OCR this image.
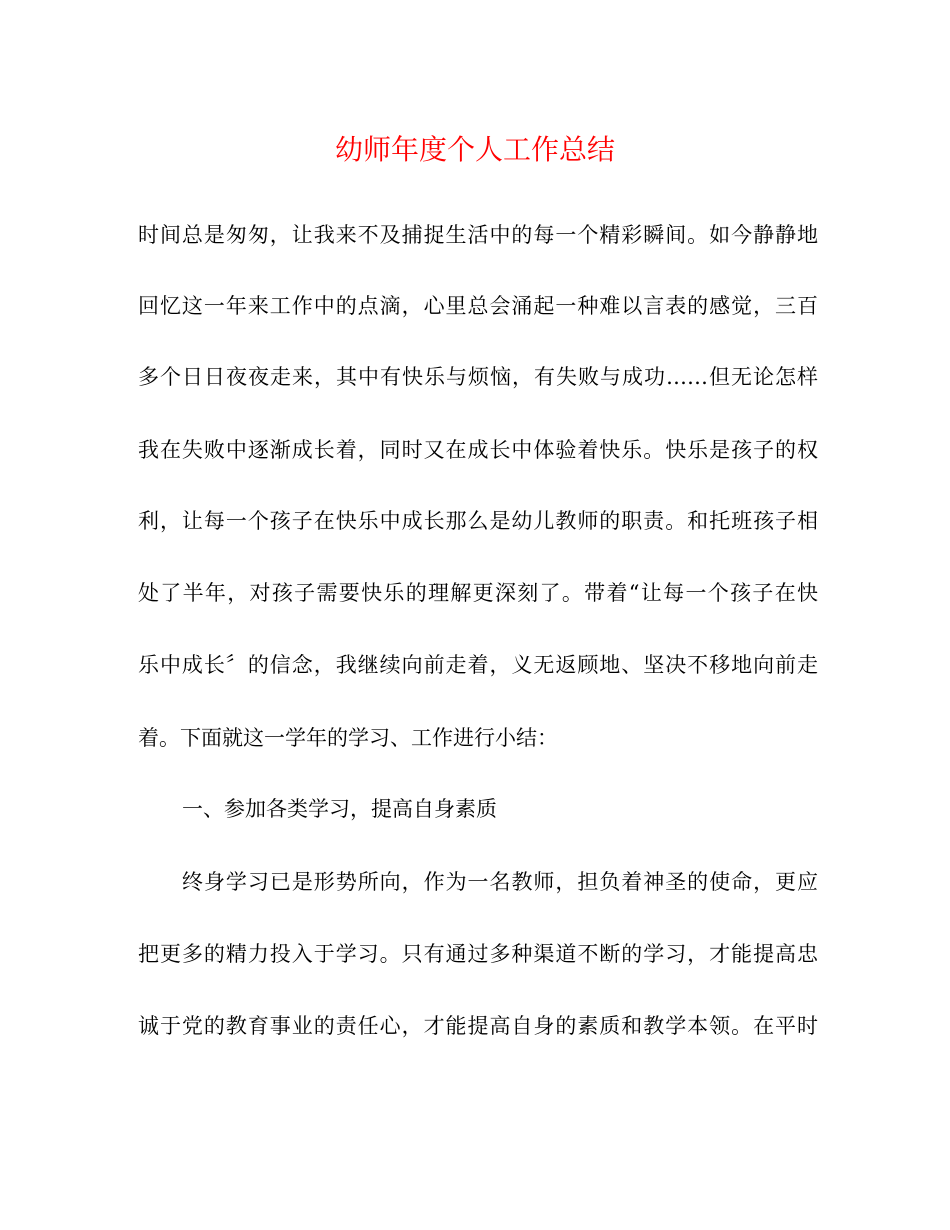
幼师年度个人工作总结

时间总是匆匆，让我来不及捕捉生活中的每一个精彩瞬间。如今静静地

回忆这一年来工作中的点滴，心里总会涌起一种难以言表的感觉，三百

多个日日夜夜走来，其中有快乐与烦恼，有失败与成功……但无论怎样

我在失败中逐渐成长着，同时又在成长中体验着快乐。快乐是孩子的权

利，让每一个孩子在快乐中成长那么是幼儿教师的职责。和托班孩子相

处了半年，对孩子需要快乐的理解更深刻了。带着“让每一个孩子在快

乐中成长〞的信念，我继续向前走着，义无返顾地、坚决不移地向前走

着。下面就这一学年的学习、工作进行小结：

一、参加各类学习，提高自身素质

终身学习已是形势所向，作为一名教师，担负着神圣的使命，更应

把更多的精力投入于学习。只有通过多种渠道不断的学习，才能提高忠

诚于党的教育事业的责任心，才能提高自身的素质和教学本领。在平时
